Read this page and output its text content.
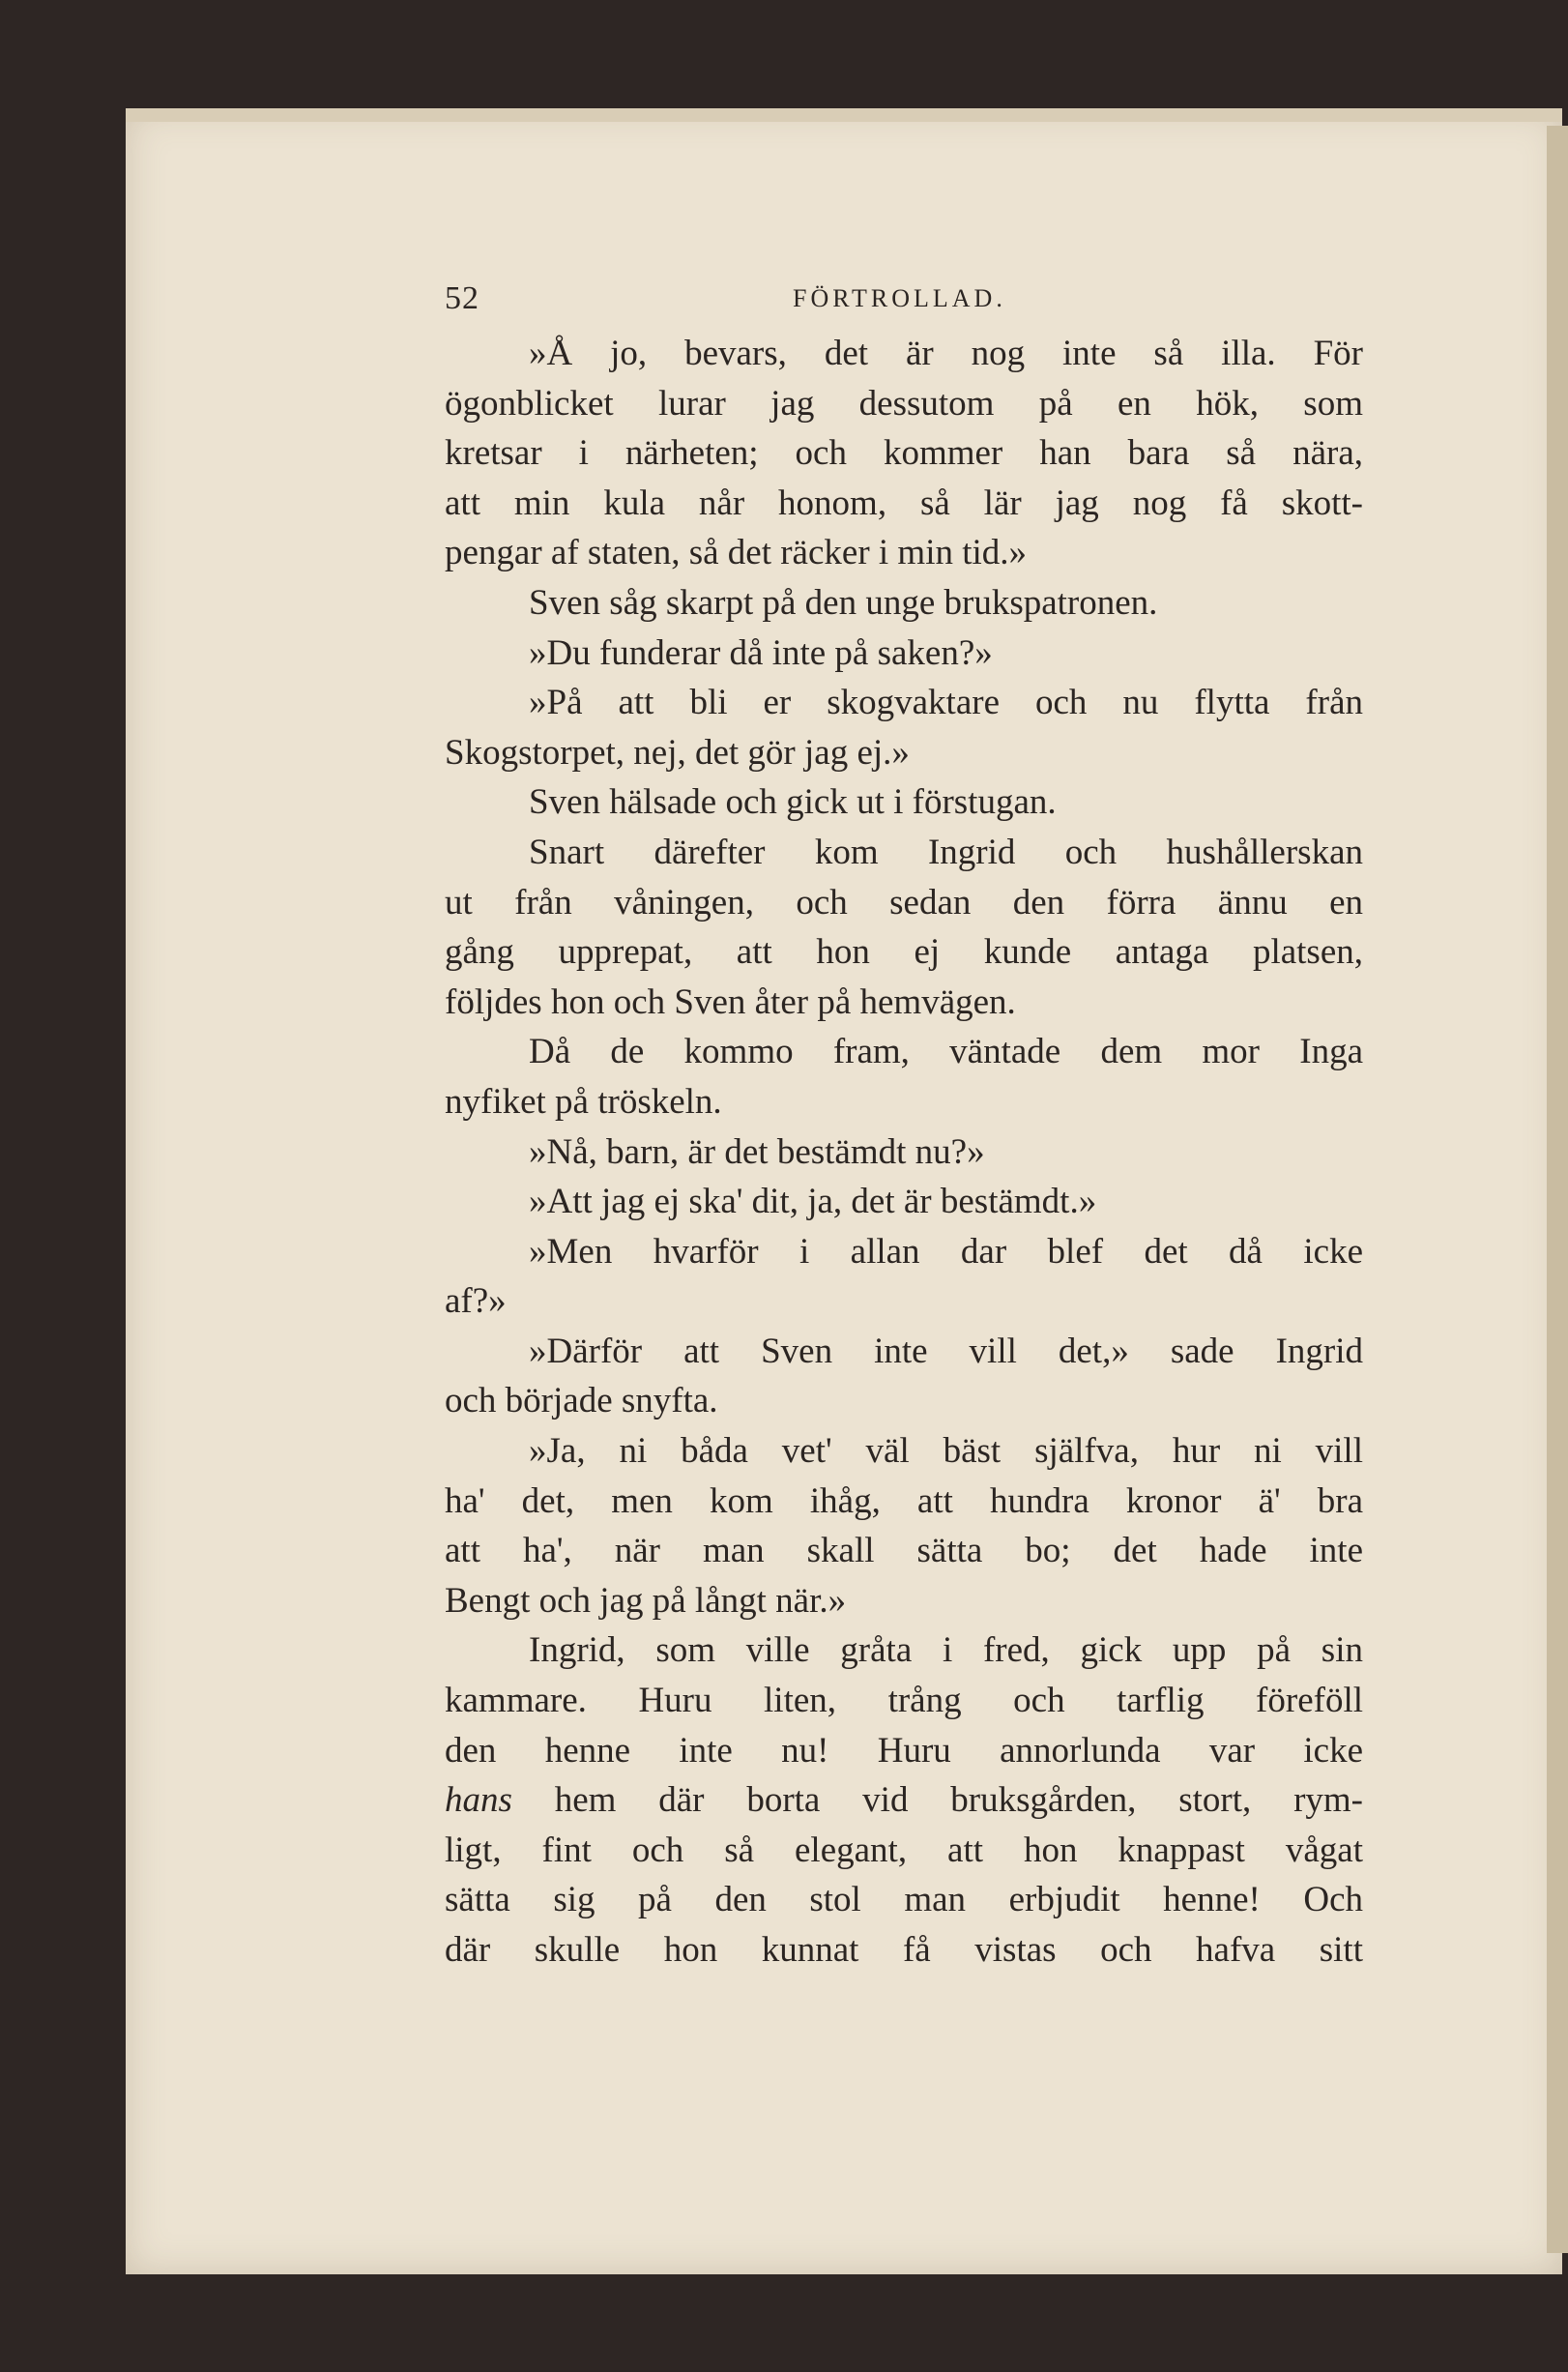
52	FÖRTROLLAD.
»Å jo, bevars, det är nog inte så illa. För
ögonblicket lurar jag dessutom på en hök, som
kretsar i närheten; och kommer han bara så nära,
att min kula når honom, så lär jag nog få skott-
pengar af staten, så det räcker i min tid.»
Sven såg skarpt på den unge brukspatronen.
»Du funderar då inte på saken?»
»På att bli er skogvaktare och nu flytta från
Skogstorpet, nej, det gör jag ej.»
Sven hälsade och gick ut i förstugan.
Snart därefter kom Ingrid och hushållerskan
ut från våningen, och sedan den förra ännu en
gång upprepat, att hon ej kunde antaga platsen,
följdes hon och Sven åter på hemvägen.
Då de kommo fram, väntade dem mor Inga
nyfiket på tröskeln.
»Nå, barn, är det bestämdt nu?»
»Att jag ej ska' dit, ja, det är bestämdt.»
»Men hvarför i allan dar blef det då icke
af?»
»Därför att Sven inte vill det,» sade Ingrid
och började snyfta.
»Ja, ni båda vet' väl bäst själfva, hur ni vill
ha' det, men kom ihåg, att hundra kronor ä' bra
att ha', när man skall sätta bo; det hade inte
Bengt och jag på långt när.»
Ingrid, som ville gråta i fred, gick upp på sin
kammare. Huru liten, trång och tarflig föreföll
den henne inte nu! Huru annorlunda var icke
hans hem där borta vid bruksgården, stort, rym-
ligt, fint och så elegant, att hon knappast vågat
sätta sig på den stol man erbjudit henne! Och
där skulle hon kunnat få vistas och hafva sitt
